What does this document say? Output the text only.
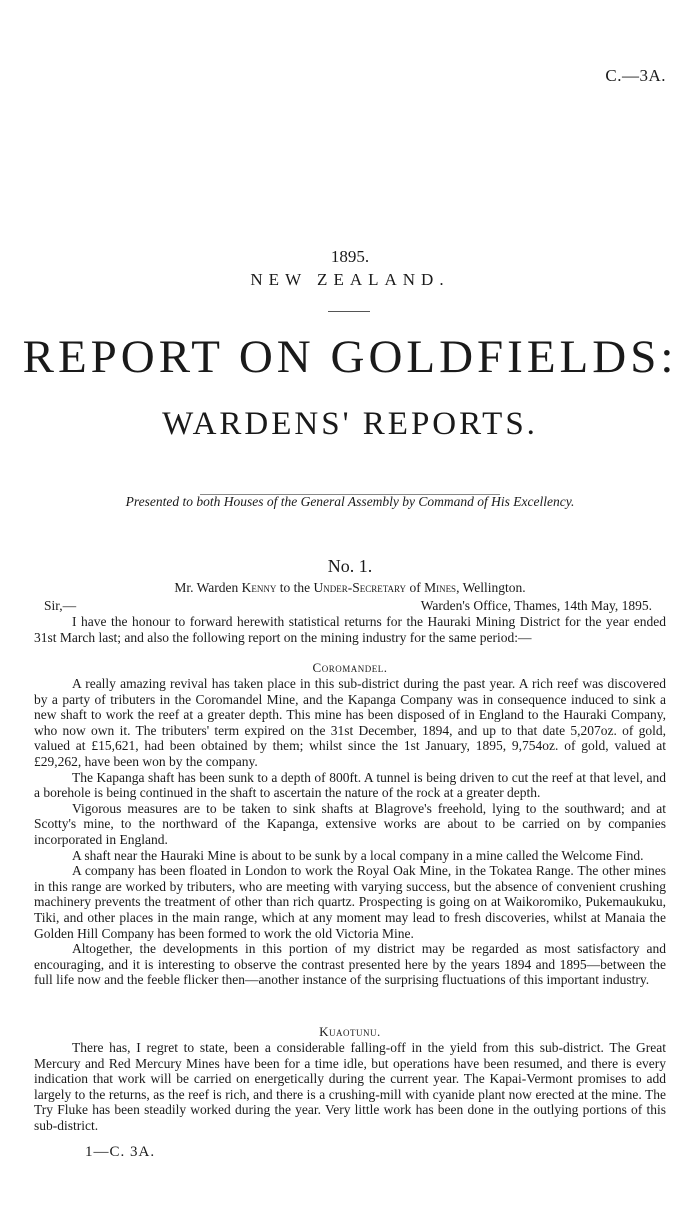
C.—3A.
1895.
NEW ZEALAND.
REPORT ON GOLDFIELDS:
WARDENS' REPORTS.
Presented to both Houses of the General Assembly by Command of His Excellency.
No. 1.
Mr. Warden Kenny to the Under-Secretary of Mines, Wellington.
Sir,—	Warden's Office, Thames, 14th May, 1895.

I have the honour to forward herewith statistical returns for the Hauraki Mining District for the year ended 31st March last; and also the following report on the mining industry for the same period:—

Coromandel.

A really amazing revival has taken place in this sub-district during the past year. A rich reef was discovered by a party of tributers in the Coromandel Mine, and the Kapanga Company was in consequence induced to sink a new shaft to work the reef at a greater depth. This mine has been disposed of in England to the Hauraki Company, who now own it. The tributers' term expired on the 31st December, 1894, and up to that date 5,207oz. of gold, valued at £15,621, had been obtained by them; whilst since the 1st January, 1895, 9,754oz. of gold, valued at £29,262, have been won by the company.

The Kapanga shaft has been sunk to a depth of 800ft. A tunnel is being driven to cut the reef at that level, and a borehole is being continued in the shaft to ascertain the nature of the rock at a greater depth.

Vigorous measures are to be taken to sink shafts at Blagrove's freehold, lying to the southward; and at Scotty's mine, to the northward of the Kapanga, extensive works are about to be carried on by companies incorporated in England.

A shaft near the Hauraki Mine is about to be sunk by a local company in a mine called the Welcome Find.

A company has been floated in London to work the Royal Oak Mine, in the Tokatea Range. The other mines in this range are worked by tributers, who are meeting with varying success, but the absence of convenient crushing machinery prevents the treatment of other than rich quartz. Prospecting is going on at Waikoromiko, Pukemaukuku, Tiki, and other places in the main range, which at any moment may lead to fresh discoveries, whilst at Manaia the Golden Hill Company has been formed to work the old Victoria Mine.

Altogether, the developments in this portion of my district may be regarded as most satisfactory and encouraging, and it is interesting to observe the contrast presented here by the years 1894 and 1895—between the full life now and the feeble flicker then—another instance of the surprising fluctuations of this important industry.

Kuaotunu.

There has, I regret to state, been a considerable falling-off in the yield from this sub-district. The Great Mercury and Red Mercury Mines have been for a time idle, but operations have been resumed, and there is every indication that work will be carried on energetically during the current year. The Kapai-Vermont promises to add largely to the returns, as the reef is rich, and there is a crushing-mill with cyanide plant now erected at the mine. The Try Fluke has been steadily worked during the year. Very little work has been done in the outlying portions of this sub-district.

1—C. 3A.
